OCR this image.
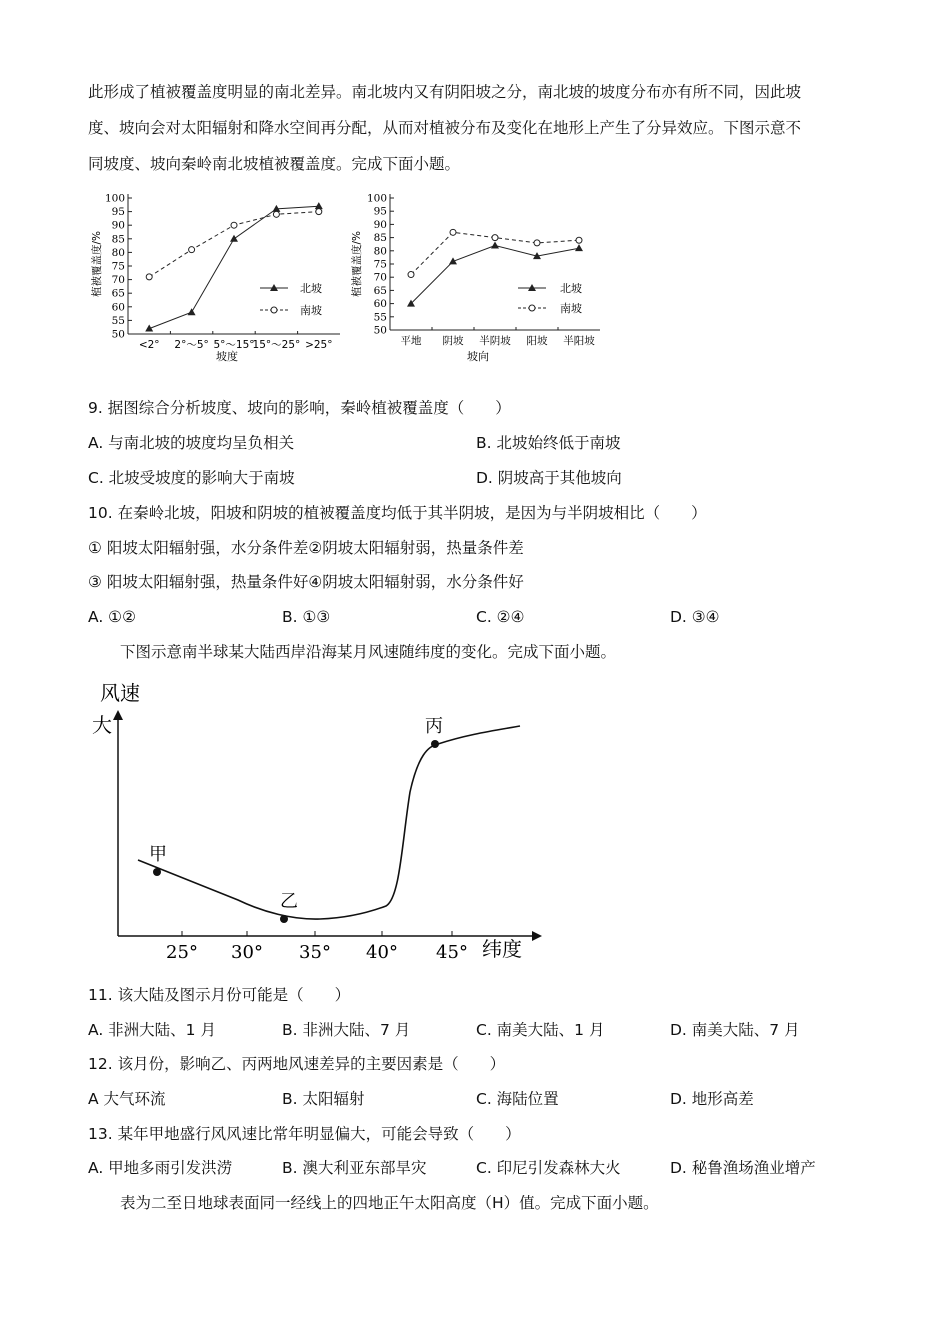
此形成了植被覆盖度明显的南北差异。南北坡内又有阴阳坡之分，南北坡的坡度分布亦有所不同，因此坡
度、坡向会对太阳辐射和降水空间再分配，从而对植被分布及变化在地形上产生了分异效应。下图示意不
同坡度、坡向秦岭南北坡植被覆盖度。完成下面小题。
50
55
60
65
70
75
80
85
90
95
100
<2° 2°～5° 5°～15°
15°～25° >25°
北坡
南坡
坡度
植被覆盖度/%
50
55
60
65
70
75
80
85
90
95
100
平地 阴坡 半阴坡 阳坡 半阳坡
北坡
南坡
坡向
植被覆盖度/%
9. 据图综合分析坡度、坡向的影响，秦岭植被覆盖度（　　）
A. 与南北坡的坡度均呈负相关	B. 北坡始终低于南坡
C. 北坡受坡度的影响大于南坡	D. 阴坡高于其他坡向
10. 在秦岭北坡，阳坡和阴坡的植被覆盖度均低于其半阴坡，是因为与半阴坡相比（　　）
① 阳坡太阳辐射强，水分条件差②阴坡太阳辐射弱，热量条件差
③ 阳坡太阳辐射强，热量条件好④阴坡太阳辐射弱，水分条件好
A. ①②	B. ①③	C. ②④	D. ③④
下图示意南半球某大陆西岸沿海某月风速随纬度的变化。完成下面小题。
25° 30° 35° 40° 45°
甲
乙
丙
风速
大
纬度
11. 该大陆及图示月份可能是（　　）
A. 非洲大陆、1 月	B. 非洲大陆、7 月	C. 南美大陆、1 月	D. 南美大陆、7 月
12. 该月份，影响乙、丙两地风速差异的主要因素是（　　）
A 大气环流	B. 太阳辐射	C. 海陆位置	D. 地形高差
13. 某年甲地盛行风风速比常年明显偏大，可能会导致（　　）
A. 甲地多雨引发洪涝	B. 澳大利亚东部旱灾	C. 印尼引发森林大火	D. 秘鲁渔场渔业增产
表为二至日地球表面同一经线上的四地正午太阳高度（H）值。完成下面小题。
